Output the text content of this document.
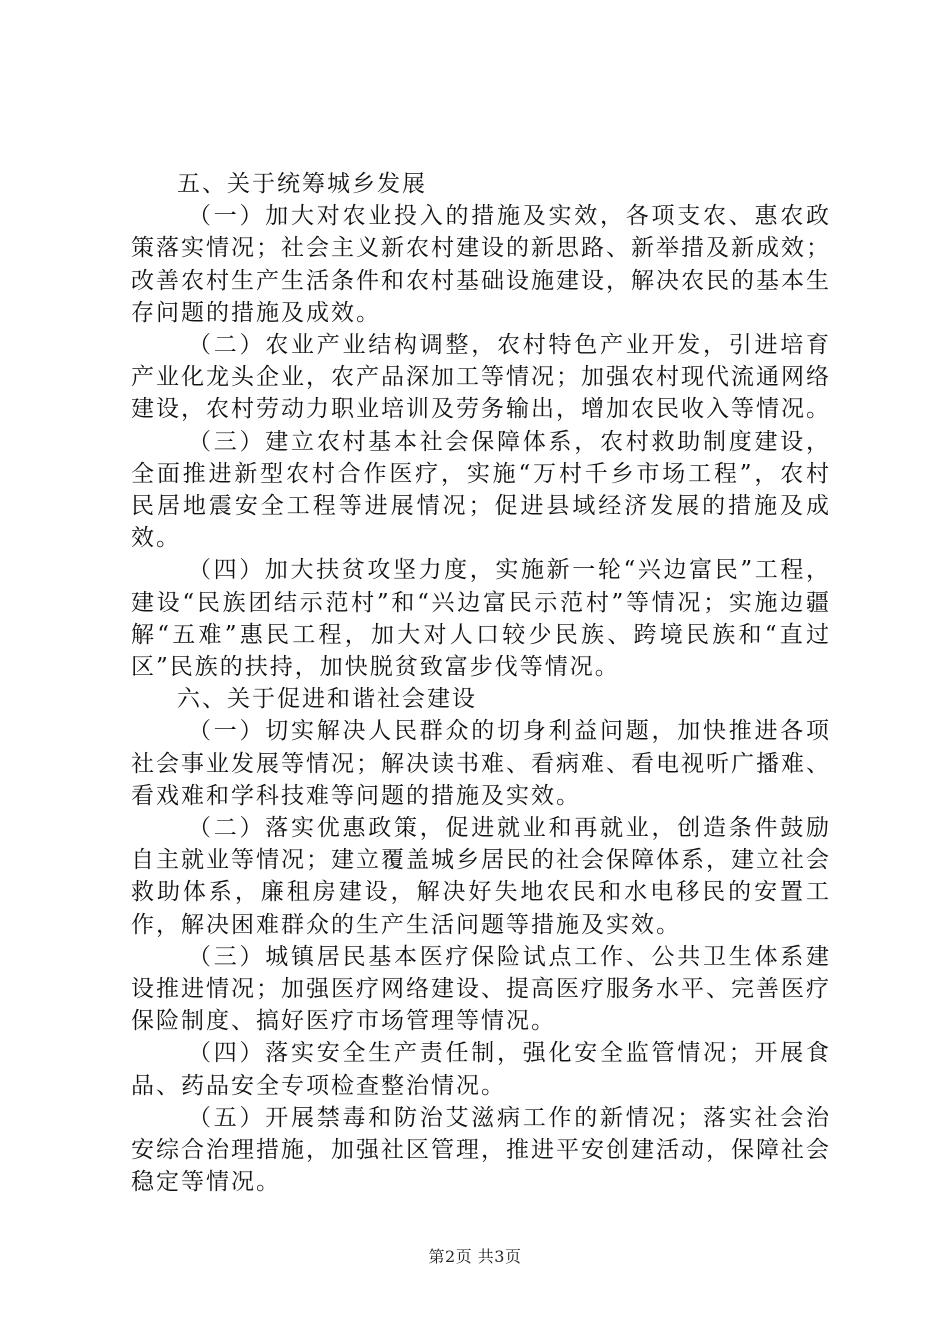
五、关于统筹城乡发展

（一）加大对农业投入的措施及实效，各项支农、惠农政策落实情况；社会主义新农村建设的新思路、新举措及新成效；改善农村生产生活条件和农村基础设施建设，解决农民的基本生存问题的措施及成效。

（二）农业产业结构调整，农村特色产业开发，引进培育产业化龙头企业，农产品深加工等情况；加强农村现代流通网络建设，农村劳动力职业培训及劳务输出，增加农民收入等情况。

（三）建立农村基本社会保障体系，农村救助制度建设，全面推进新型农村合作医疗，实施“万村千乡市场工程”，农村民居地震安全工程等进展情况；促进县域经济发展的措施及成效。

（四）加大扶贫攻坚力度，实施新一轮“兴边富民”工程，建设“民族团结示范村”和“兴边富民示范村”等情况；实施边疆解“五难”惠民工程，加大对人口较少民族、跨境民族和“直过区”民族的扶持，加快脱贫致富步伐等情况。

六、关于促进和谐社会建设

（一）切实解决人民群众的切身利益问题，加快推进各项社会事业发展等情况；解决读书难、看病难、看电视听广播难、看戏难和学科技难等问题的措施及实效。

（二）落实优惠政策，促进就业和再就业，创造条件鼓励自主就业等情况；建立覆盖城乡居民的社会保障体系，建立社会救助体系，廉租房建设，解决好失地农民和水电移民的安置工作，解决困难群众的生产生活问题等措施及实效。

（三）城镇居民基本医疗保险试点工作、公共卫生体系建设推进情况；加强医疗网络建设、提高医疗服务水平、完善医疗保险制度、搞好医疗市场管理等情况。

（四）落实安全生产责任制，强化安全监管情况；开展食品、药品安全专项检查整治情况。

（五）开展禁毒和防治艾滋病工作的新情况；落实社会治安综合治理措施，加强社区管理，推进平安创建活动，保障社会稳定等情况。

第2页 共3页
